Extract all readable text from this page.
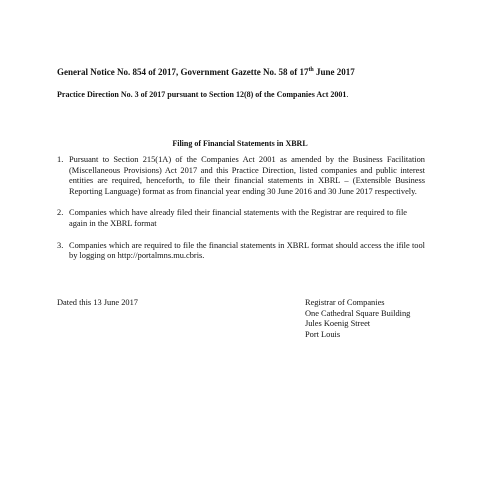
General Notice No. 854 of 2017, Government Gazette No. 58 of 17th June 2017
Practice Direction No. 3 of 2017 pursuant to Section 12(8) of the Companies Act 2001.
Filing of Financial Statements in XBRL
1. Pursuant to Section 215(1A) of the Companies Act 2001 as amended by the Business Facilitation (Miscellaneous Provisions) Act 2017 and this Practice Direction, listed companies and public interest entities are required, henceforth, to file their financial statements in XBRL – (Extensible Business Reporting Language) format as from financial year ending 30 June 2016 and 30 June 2017 respectively.
2. Companies which have already filed their financial statements with the Registrar are required to file again in the XBRL format
3. Companies which are required to file the financial statements in XBRL format should access the ifile tool by logging on http://portalmns.mu.cbris.
Dated this 13 June 2017	Registrar of Companies
One Cathedral Square Building
Jules Koenig Street
Port Louis
